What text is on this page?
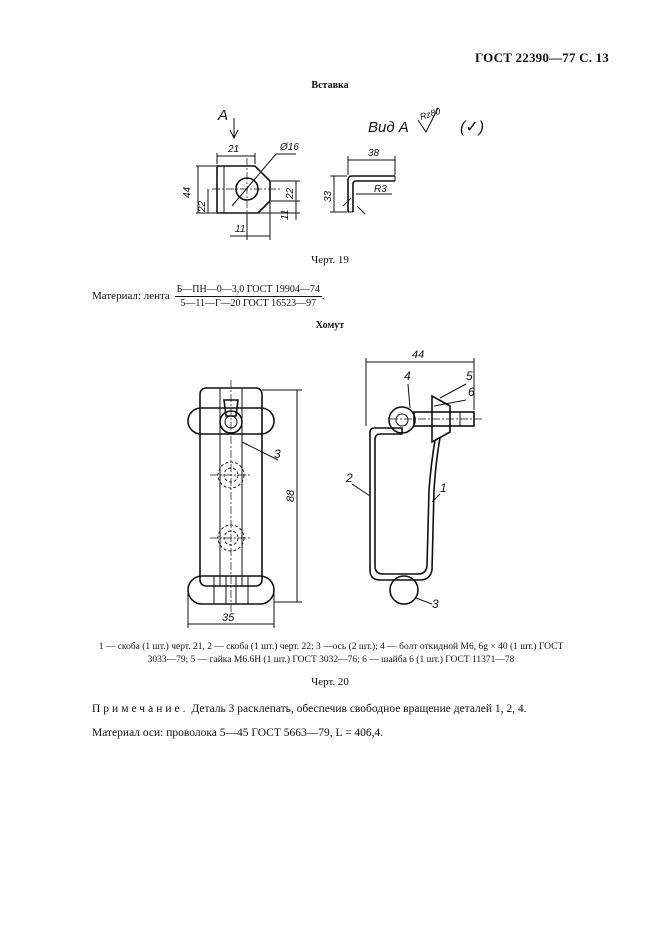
ГОСТ 22390—77 С. 13
Вставка
А
Ø16
21
44
22
22
11
11
Вид А
Rz80
(✓)
38
33
R3
Черт. 19
Материал: лента $\frac{\text{Б—ПН—0—3,0 ГОСТ 19904—74}}{\text{5—11—Г—20 ГОСТ 16523—97}}$ .
Хомут
88
3
35
44
4	5
6
2
1
3
1 — скоба (1 шт.) черт. 21, 2 — скоба (1 шт.) черт. 22; 3 —ось (2 шт.); 4 — болт откидной М6, 6g × 40 (1 шт.) ГОСТ 3033—79; 5 — гайка М6.6Н (1 шт.) ГОСТ 3032—76; 6 — шайба 6 (1 шт.) ГОСТ 11371—78
Черт. 20
Примечание. Деталь 3 расклепать, обеспечив свободное вращение деталей 1, 2, 4.
Материал оси: проволока 5—45 ГОСТ 5663—79, L = 406,4.
